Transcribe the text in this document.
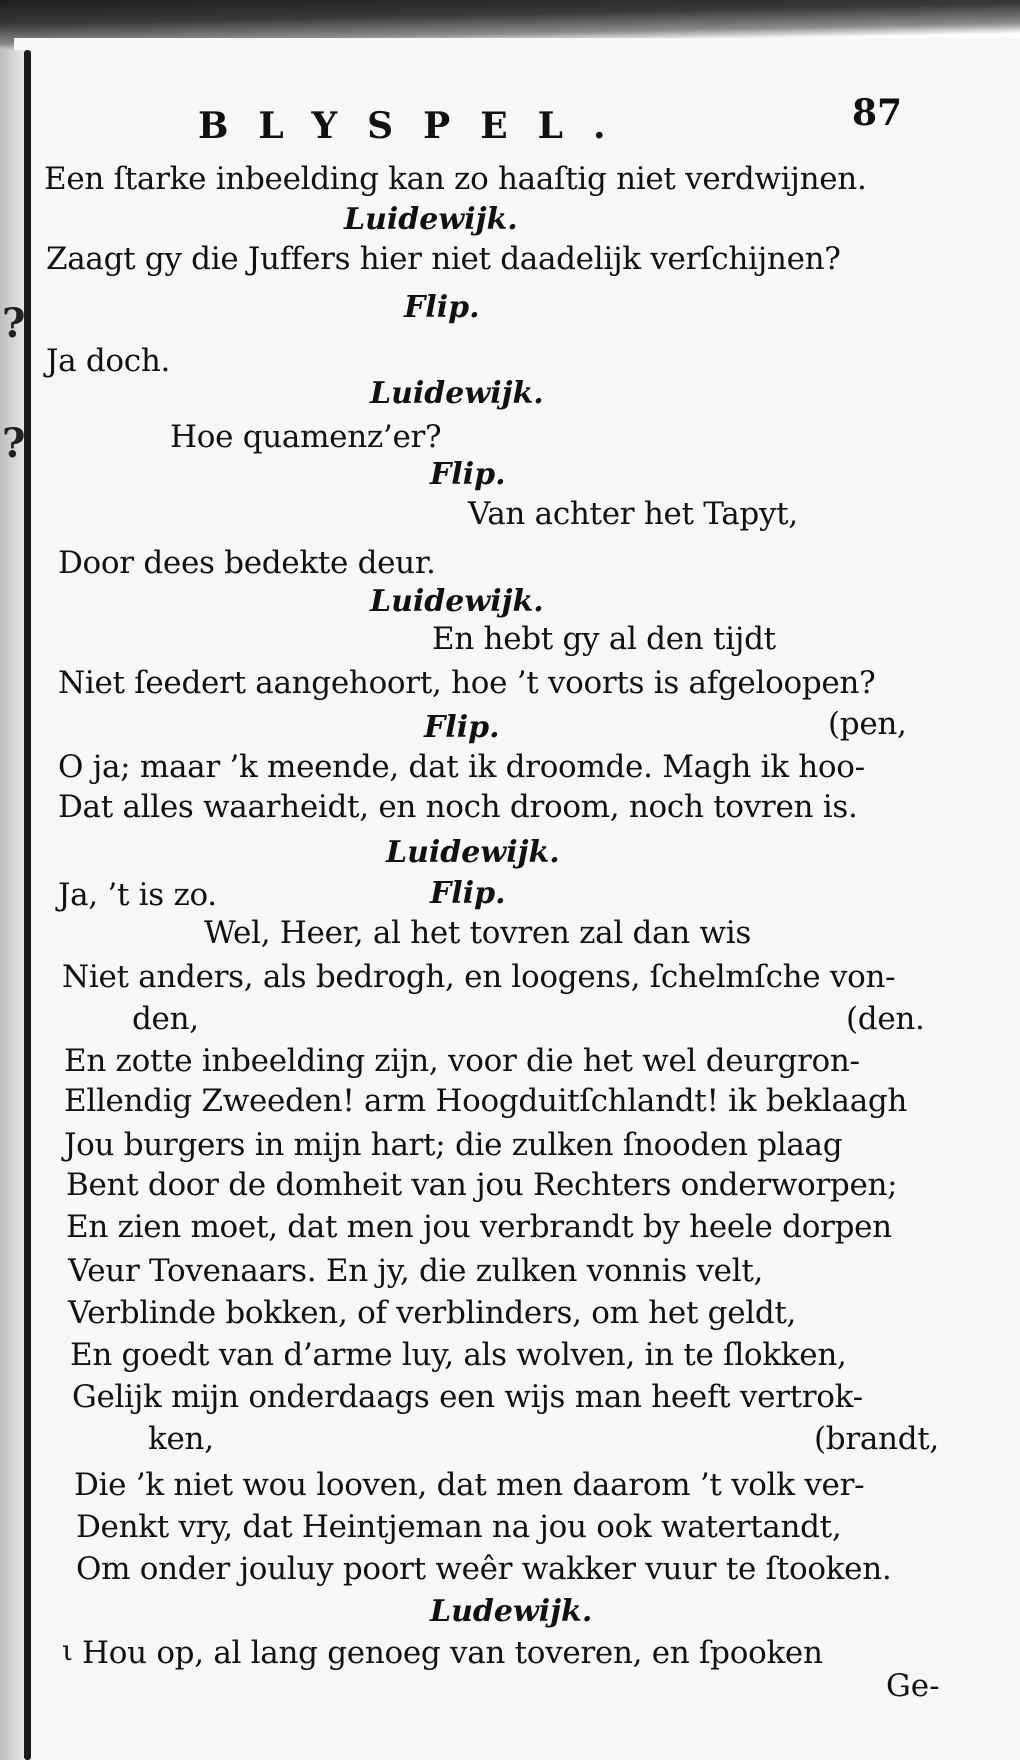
?
?
BLYSPEL.	87
Een ſtarke inbeelding kan zo haaſtig niet verdwijnen.
Luidewijk.
Zaagt gy die Juffers hier niet daadelijk verſchijnen?
Flip.
Ja doch.
Luidewijk.
Hoe quamenz’er?
Flip.
Van achter het Tapyt,
Door dees bedekte deur.
Luidewijk.
En hebt gy al den tijdt
Niet ſeedert aangehoort, hoe ’t voorts is afgeloopen?
Flip.	(pen,
O ja; maar ’k meende, dat ik droomde. Magh ik hoo-
Dat alles waarheidt, en noch droom, noch tovren is.
Luidewijk.
Ja, ’t is zo.	Flip.
Wel, Heer, al het tovren zal dan wis
Niet anders, als bedrogh, en loogens, ſchelmſche von-
den,	(den.
En zotte inbeelding zijn, voor die het wel deurgron-
Ellendig Zweeden! arm Hoogduitſchlandt! ik beklaagh
Jou burgers in mijn hart; die zulken ſnooden plaag
Bent door de domheit van jou Rechters onderworpen;
En zien moet, dat men jou verbrandt by heele dorpen
Veur Tovenaars. En jy, die zulken vonnis velt,
Verblinde bokken, of verblinders, om het geldt,
En goedt van d’arme luy, als wolven, in te ſlokken,
Gelijk mijn onderdaags een wijs man heeft vertrok-
ken,	(brandt,
Die ’k niet wou looven, dat men daarom ’t volk ver-
Denkt vry, dat Heintjeman na jou ook watertandt,
Om onder jouluy poort weêr wakker vuur te ſtooken.
Ludewijk.
ι Hou op, al lang genoeg van toveren, en ſpooken
Ge-
